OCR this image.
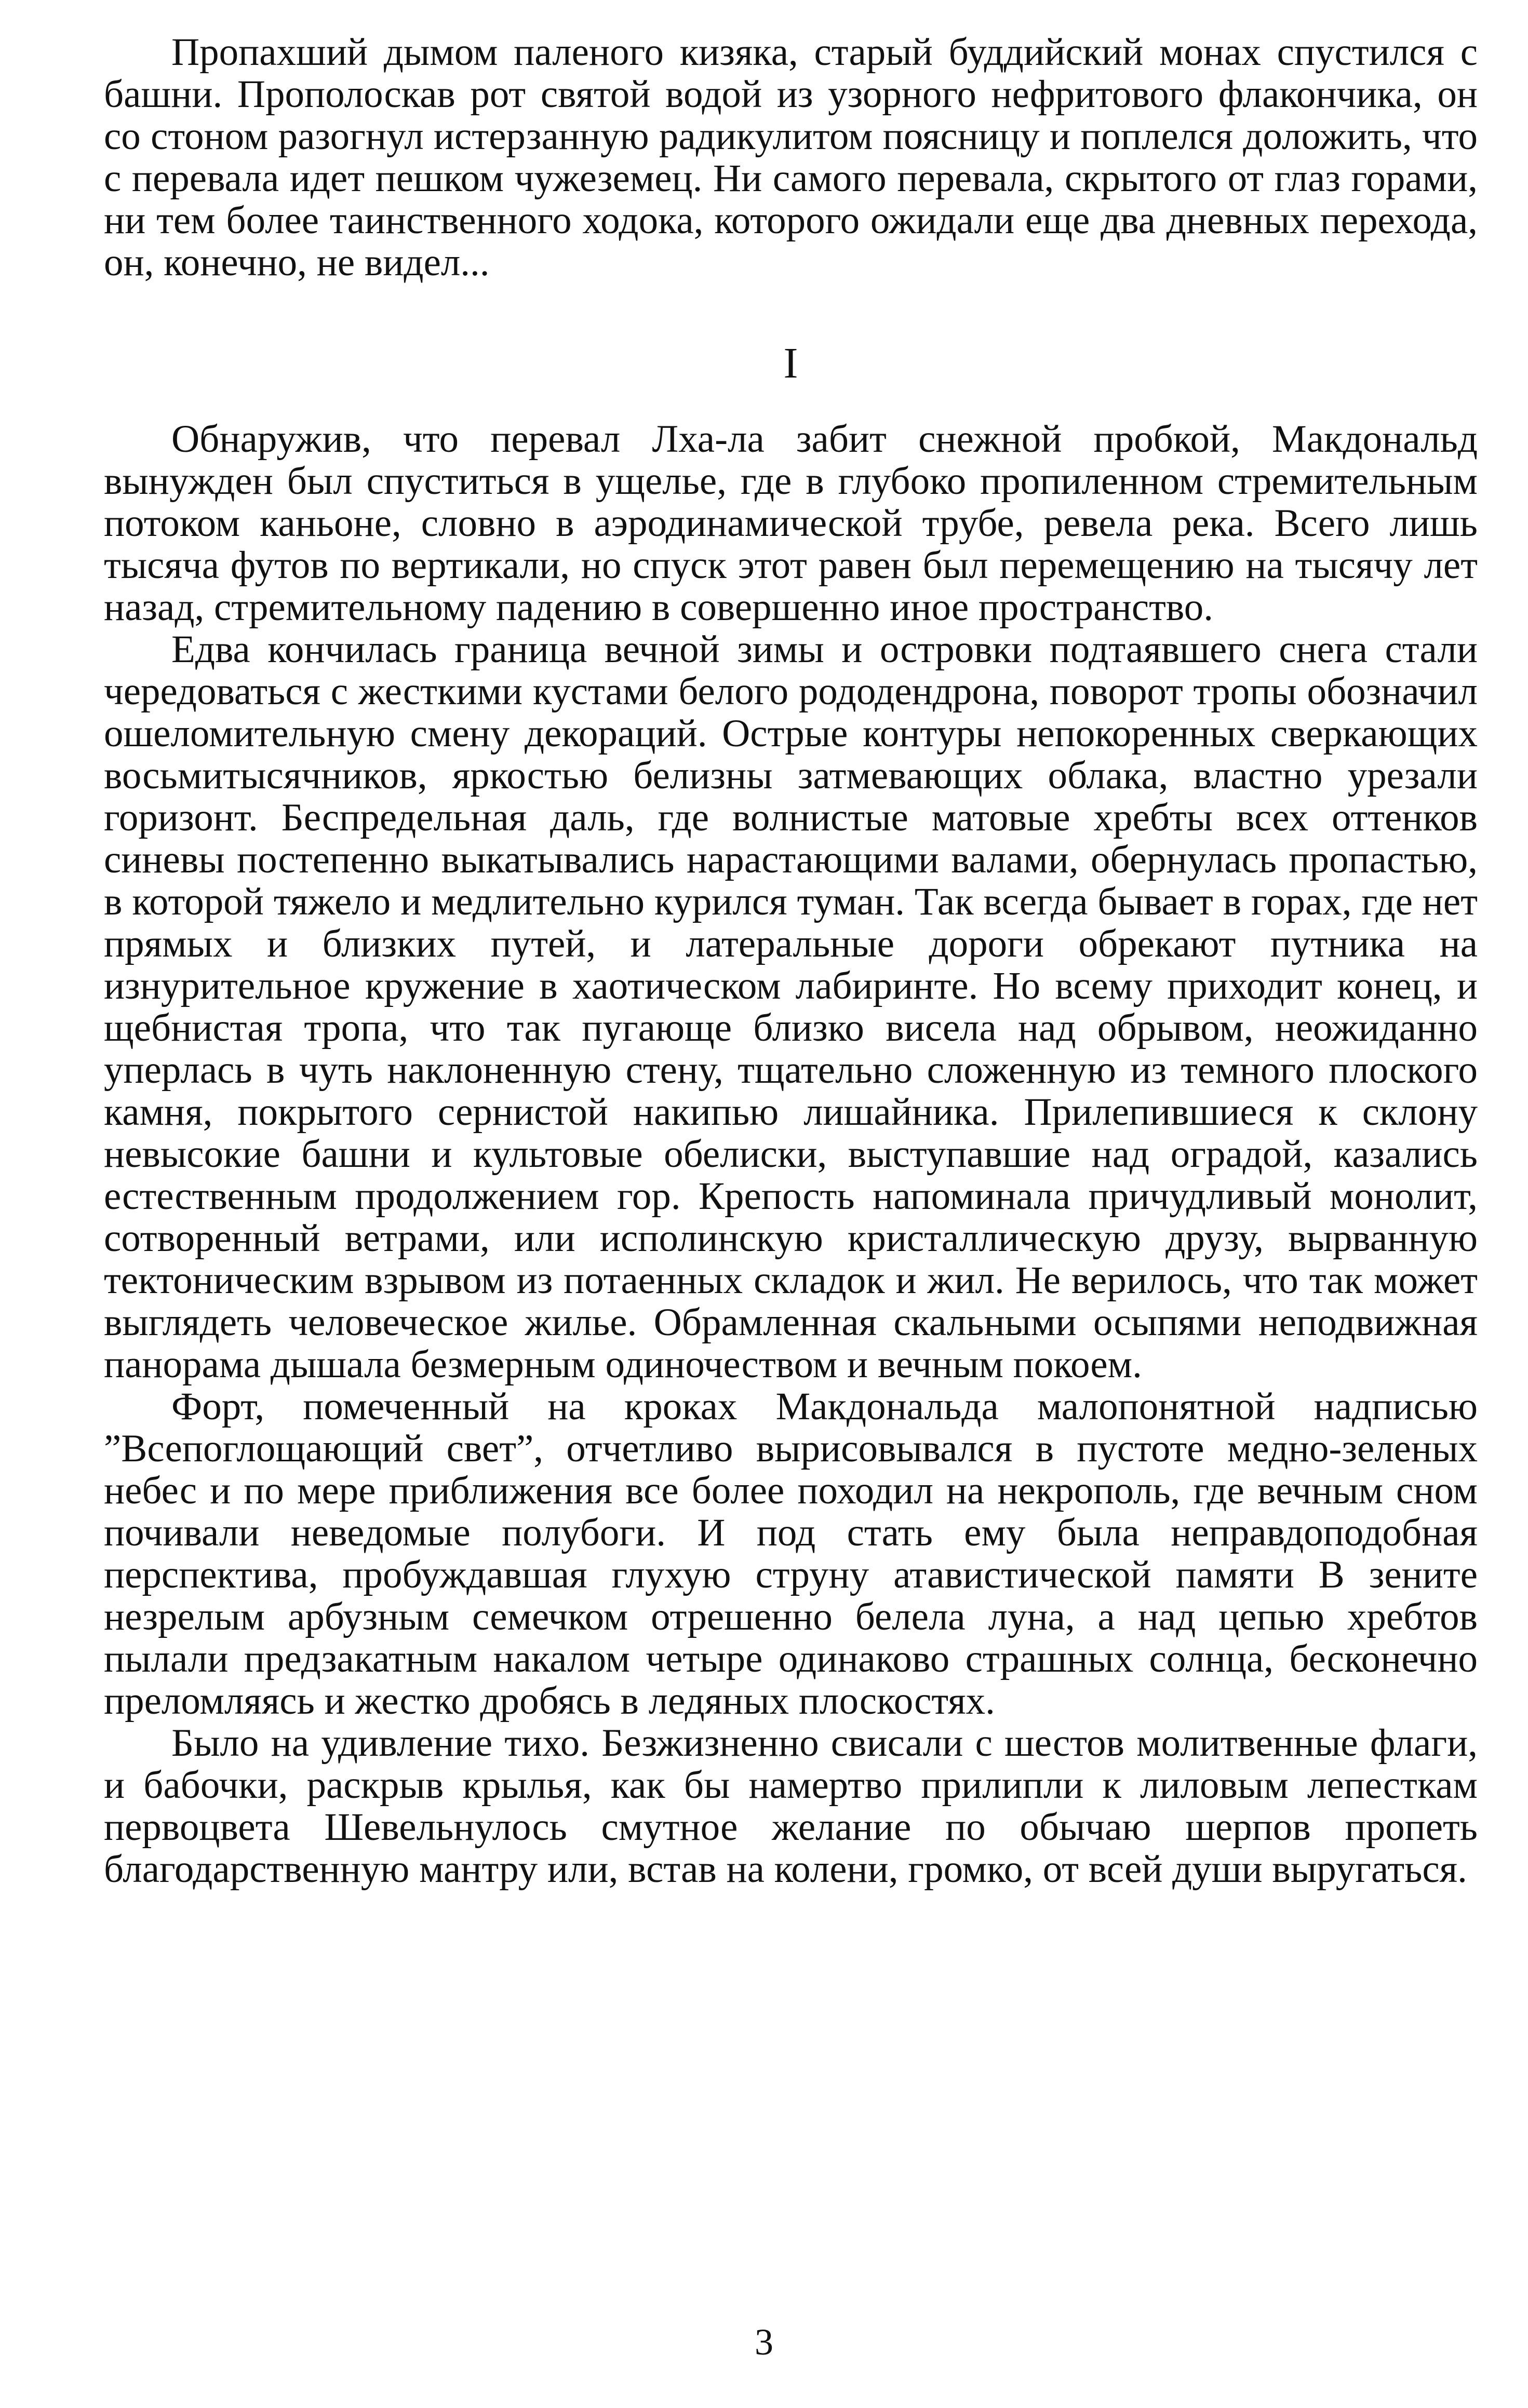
Пропахший дымом паленого кизяка, старый буддийский монах спустился с башни. Прополоскав рот святой водой из узорного нефритового флакончика, он со стоном разогнул истерзанную радикулитом поясницу и поплелся доложить, что с перевала идет пешком чужеземец. Ни самого перевала, скрытого от глаз горами, ни тем более таинственного ходока, которого ожидали еще два дневных перехода, он, конечно, не видел...

I

Обнаружив, что перевал Лха-ла забит снежной пробкой, Макдональд вынужден был спуститься в ущелье, где в глубоко пропиленном стремительным потоком каньоне, словно в аэродинамической трубе, ревела река. Всего лишь тысяча футов по вертикали, но спуск этот равен был перемещению на тысячу лет назад, стремительному падению в совершенно иное пространство.

Едва кончилась граница вечной зимы и островки подтаявшего снега стали чередоваться с жесткими кустами белого рододендрона, поворот тропы обозначил ошеломительную смену декораций. Острые контуры непокоренных сверкающих восьмитысячников, яркостью белизны затмевающих облака, властно урезали горизонт. Беспредельная даль, где волнистые матовые хребты всех оттенков синевы постепенно выкатывались нарастающими валами, обернулась пропастью, в которой тяжело и медлительно курился туман. Так всегда бывает в горах, где нет прямых и близких путей, и латеральные дороги обрекают путника на изнурительное кружение в хаотическом лабиринте. Но всему приходит конец, и щебнистая тропа, что так пугающе близко висела над обрывом, неожиданно уперлась в чуть наклоненную стену, тщательно сложенную из темного плоского камня, покрытого сернистой накипью лишайника. Прилепившиеся к склону невысокие башни и культовые обелиски, выступавшие над оградой, казались естественным продолжением гор. Крепость напоминала причудливый монолит, сотворенный ветрами, или исполинскую кристаллическую друзу, вырванную тектоническим взрывом из потаенных складок и жил. Не верилось, что так может выглядеть человеческое жилье. Обрамленная скальными осыпями неподвижная панорама дышала безмерным одиночеством и вечным покоем.

Форт, помеченный на кроках Макдональда малопонятной надписью ”Всепоглощающий свет”, отчетливо вырисовывался в пустоте медно-зеленых небес и по мере приближения все более походил на некрополь, где вечным сном почивали неведомые полубоги. И под стать ему была неправдоподобная перспектива, пробуждавшая глухую струну атавистической памяти В зените незрелым арбузным семечком отрешенно белела луна, а над цепью хребтов пылали предзакатным накалом четыре одинаково страшных солнца, бесконечно преломляясь и жестко дробясь в ледяных плоскостях.

Было на удивление тихо. Безжизненно свисали с шестов молитвенные флаги, и бабочки, раскрыв крылья, как бы намертво прилипли к лиловым лепесткам первоцвета Шевельнулось смутное желание по обычаю шерпов пропеть благодарственную мантру или, встав на колени, громко, от всей души выругаться.

3
